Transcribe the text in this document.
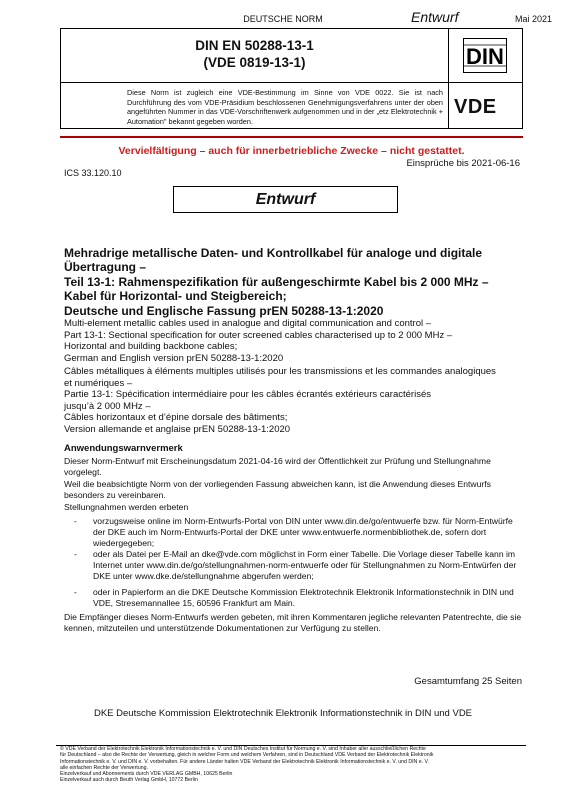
DEUTSCHE NORM	Entwurf	Mai 2021
DIN EN 50288-13-1
(VDE 0819-13-1)
Diese Norm ist zugleich eine VDE-Bestimmung im Sinne von VDE 0022. Sie ist nach Durchführung des vom VDE-Präsidium beschlossenen Genehmigungsverfahrens unter der oben angeführten Nummer in das VDE-Vorschriftenwerk aufgenommen und in der „etz Elektrotechnik + Automation" bekannt gegeben worden.
DIN
VDE
Vervielfältigung – auch für innerbetriebliche Zwecke – nicht gestattet.
Einsprüche bis 2021-06-16
ICS 33.120.10
Entwurf
Mehradrige metallische Daten- und Kontrollkabel für analoge und digitale
Übertragung –
Teil 13-1: Rahmenspezifikation für außengeschirmte Kabel bis 2 000 MHz –
Kabel für Horizontal- und Steigbereich;
Deutsche und Englische Fassung prEN 50288-13-1:2020
Multi-element metallic cables used in analogue and digital communication and control –
Part 13-1: Sectional specification for outer screened cables characterised up to 2 000 MHz –
Horizontal and building backbone cables;
German and English version prEN 50288-13-1:2020
Câbles métalliques à éléments multiples utilisés pour les transmissions et les commandes analogiques
et numériques –
Partie 13-1: Spécification intermédiaire pour les câbles écrantés extérieurs caractérisés
jusqu’à 2 000 MHz –
Câbles horizontaux et d’épine dorsale des bâtiments;
Version allemande et anglaise prEN 50288-13-1:2020
Anwendungswarnvermerk
Dieser Norm-Entwurf mit Erscheinungsdatum 2021-04-16 wird der Öffentlichkeit zur Prüfung und Stellungnahme vorgelegt.
Weil die beabsichtigte Norm von der vorliegenden Fassung abweichen kann, ist die Anwendung dieses Entwurfs besonders zu vereinbaren.
Stellungnahmen werden erbeten
- vorzugsweise online im Norm-Entwurfs-Portal von DIN unter www.din.de/go/entwuerfe bzw. für Norm-Entwürfe der DKE auch im Norm-Entwurfs-Portal der DKE unter www.entwuerfe.normenbibliothek.de, sofern dort wiedergegeben;
- oder als Datei per E-Mail an dke@vde.com möglichst in Form einer Tabelle. Die Vorlage dieser Tabelle kann im Internet unter www.din.de/go/stellungnahmen-norm-entwuerfe oder für Stellungnahmen zu Norm-Entwürfen der DKE unter www.dke.de/stellungnahme abgerufen werden;
- oder in Papierform an die DKE Deutsche Kommission Elektrotechnik Elektronik Informationstechnik in DIN und VDE, Stresemannallee 15, 60596 Frankfurt am Main.
Die Empfänger dieses Norm-Entwurfs werden gebeten, mit ihren Kommentaren jegliche relevanten Patentrechte, die sie kennen, mitzuteilen und unterstützende Dokumentationen zur Verfügung zu stellen.
Gesamtumfang 25 Seiten
DKE Deutsche Kommission Elektrotechnik Elektronik Informationstechnik in DIN und VDE
© VDE Verband der Elektrotechnik Elektronik Informationstechnik e. V. und DIN Deutsches Institut für Normung e. V. sind Inhaber aller ausschließlichen Rechte
für Deutschland – also die Rechte der Verwertung, gleich in welcher Form und welchem Verfahren, sind in Deutschland VDE Verband der Elektrotechnik Elektronik
Informationstechnik e. V. und DIN e. V. vorbehalten. Für andere Länder halten VDE Verband der Elektrotechnik Elektronik Informationstechnik e. V. und DIN e. V.
alle einfachen Rechte der Verwertung.
Einzelverkauf und Abonnements durch VDE VERLAG GMBH, 10625 Berlin
Einzelverkauf auch durch Beuth Verlag GmbH, 10772 Berlin
